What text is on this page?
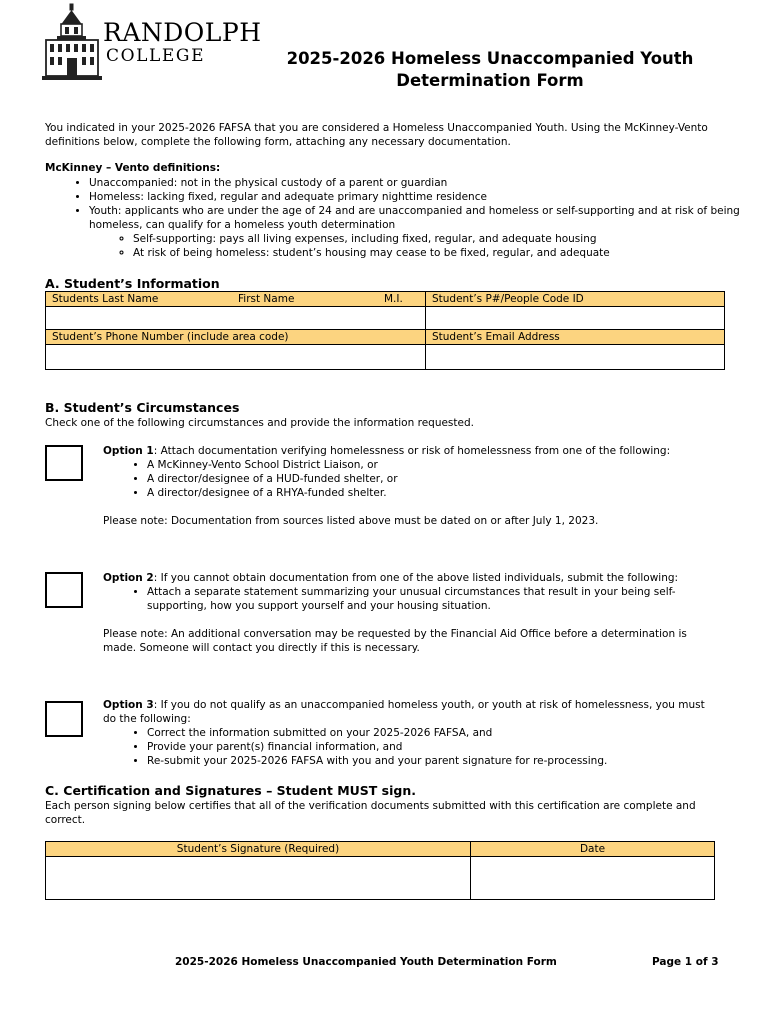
RANDOLPH
COLLEGE	2025-2026 Homeless Unaccompanied Youth Determination Form
You indicated in your 2025-2026 FAFSA that you are considered a Homeless Unaccompanied Youth. Using the McKinney-Vento definitions below, complete the following form, attaching any necessary documentation.
McKinney – Vento definitions:
• Unaccompanied: not in the physical custody of a parent or guardian
• Homeless: lacking fixed, regular and adequate primary nighttime residence
• Youth: applicants who are under the age of 24 and are unaccompanied and homeless or self-supporting and at risk of being homeless, can qualify for a homeless youth determination
◦ Self-supporting: pays all living expenses, including fixed, regular, and adequate housing
◦ At risk of being homeless: student’s housing may cease to be fixed, regular, and adequate
A. Student’s Information
Students Last Name First Name M.I.	Student’s P#/People Code ID

Student’s Phone Number (include area code)	Student’s Email Address

B. Student’s Circumstances
Check one of the following circumstances and provide the information requested.
Option 1: Attach documentation verifying homelessness or risk of homelessness from one of the following:
• A McKinney-Vento School District Liaison, or
• A director/designee of a HUD-funded shelter, or
• A director/designee of a RHYA-funded shelter.
Please note: Documentation from sources listed above must be dated on or after July 1, 2023.
Option 2: If you cannot obtain documentation from one of the above listed individuals, submit the following:
• Attach a separate statement summarizing your unusual circumstances that result in your being self-supporting, how you support yourself and your housing situation.
Please note: An additional conversation may be requested by the Financial Aid Office before a determination is made. Someone will contact you directly if this is necessary.
Option 3: If you do not qualify as an unaccompanied homeless youth, or youth at risk of homelessness, you must do the following:
• Correct the information submitted on your 2025-2026 FAFSA, and
• Provide your parent(s) financial information, and
• Re-submit your 2025-2026 FAFSA with you and your parent signature for re-processing.
C. Certification and Signatures – Student MUST sign.
Each person signing below certifies that all of the verification documents submitted with this certification are complete and correct.
Student’s Signature (Required)	Date

2025-2026 Homeless Unaccompanied Youth Determination Form	Page 1 of 3
